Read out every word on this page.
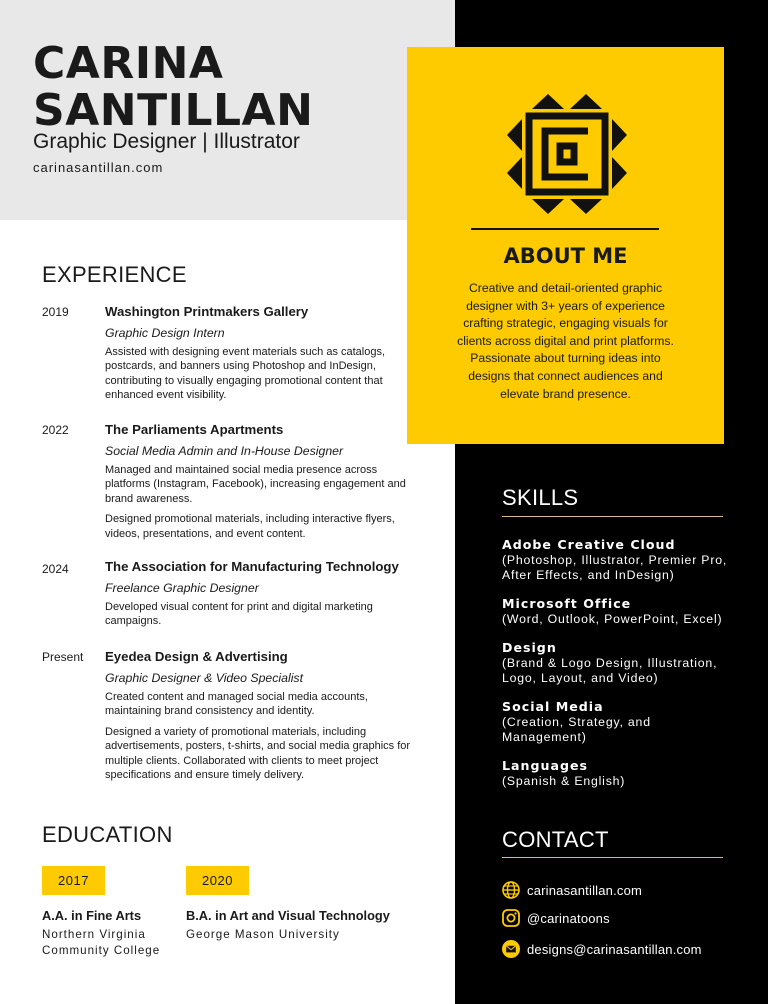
CARINA
SANTILLAN
Graphic Designer | Illustrator
carinasantillan.com
ABOUT ME
Creative and detail-oriented graphic designer with 3+ years of experience crafting strategic, engaging visuals for clients across digital and print platforms. Passionate about turning ideas into designs that connect audiences and elevate brand presence.
EXPERIENCE
2019	Washington Printmakers Gallery
Graphic Design Intern
Assisted with designing event materials such as catalogs, postcards, and banners using Photoshop and InDesign, contributing to visually engaging promotional content that enhanced event visibility.
2022	The Parliaments Apartments
Social Media Admin and In-House Designer
Managed and maintained social media presence across platforms (Instagram, Facebook), increasing engagement and brand awareness.
Designed promotional materials, including interactive flyers, videos, presentations, and event content.
2024	The Association for Manufacturing Technology
Freelance Graphic Designer
Developed visual content for print and digital marketing campaigns.
Present Eyedea Design & Advertising
Graphic Designer & Video Specialist
Created content and managed social media accounts, maintaining brand consistency and identity.
Designed a variety of promotional materials, including advertisements, posters, t-shirts, and social media graphics for multiple clients. Collaborated with clients to meet project specifications and ensure timely delivery.
EDUCATION
2017
A.A. in Fine Arts
Northern Virginia
Community College
2020
B.A. in Art and Visual Technology
George Mason University
SKILLS
Adobe Creative Cloud
(Photoshop, Illustrator, Premier Pro, After Effects, and InDesign)
Microsoft Office
(Word, Outlook, PowerPoint, Excel)
Design
(Brand & Logo Design, Illustration, Logo, Layout, and Video)
Social Media
(Creation, Strategy, and Management)
Languages
(Spanish & English)
CONTACT
carinasantillan.com
@carinatoons
designs@carinasantillan.com
